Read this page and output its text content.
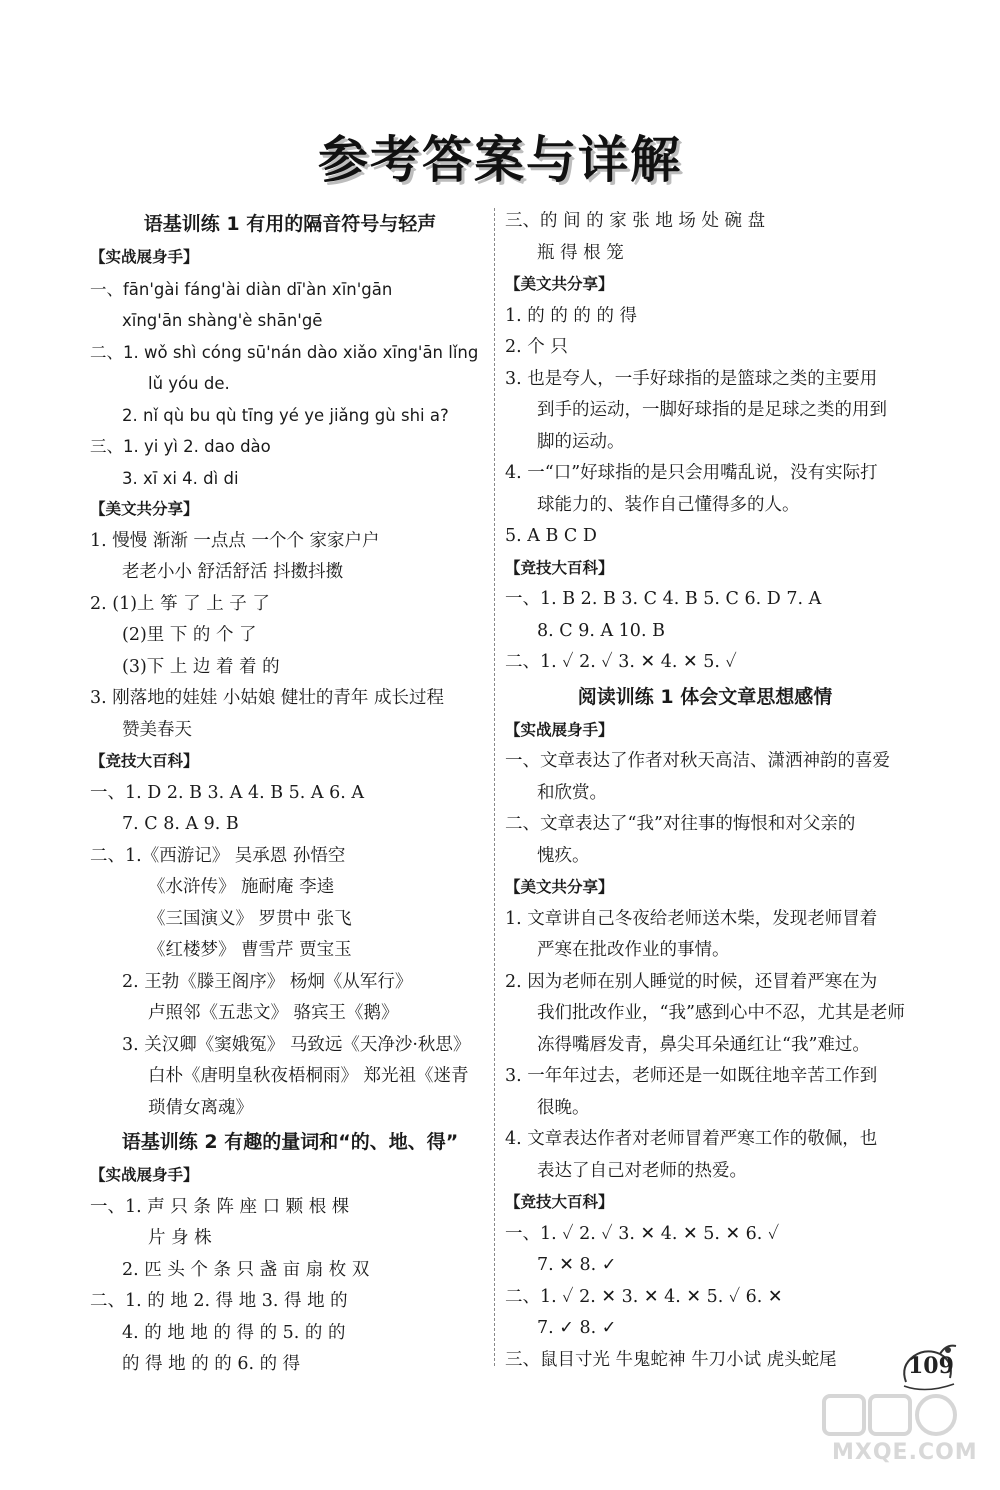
参考答案与详解
语基训练 1 有用的隔音符号与轻声
【实战展身手】
一、fān'gài fáng'ài diàn dī'àn xīn'gān
xīng'ān shàng'è shān'gē
二、1. wǒ shì cóng sū'nán dào xiǎo xīng'ān lǐng
lǔ yóu de.
2. nǐ qù bu qù tīng yé ye jiǎng gù shi a?
三、1. yi yì 2. dao dào
3. xī xi 4. dì di
【美文共分享】
1. 慢慢 渐渐 一点点 一个个 家家户户
老老小小 舒活舒活 抖擞抖擞
2. (1)上 筝 了 上 子 了
(2)里 下 的 个 了
(3)下 上 边 着 着 的
3. 刚落地的娃娃 小姑娘 健壮的青年 成长过程
赞美春天
【竞技大百科】
一、1. D 2. B 3. A 4. B 5. A 6. A
7. C 8. A 9. B
二、1.《西游记》 吴承恩 孙悟空
《水浒传》 施耐庵 李逵
《三国演义》 罗贯中 张飞
《红楼梦》 曹雪芹 贾宝玉
2. 王勃《滕王阁序》 杨炯《从军行》
卢照邻《五悲文》 骆宾王《鹅》
3. 关汉卿《窦娥冤》 马致远《天净沙·秋思》
白朴《唐明皇秋夜梧桐雨》 郑光祖《迷青
琐倩女离魂》
语基训练 2 有趣的量词和“的、地、得”
【实战展身手】
一、1. 声 只 条 阵 座 口 颗 根 棵
片 身 株
2. 匹 头 个 条 只 盏 亩 扇 枚 双
二、1. 的 地 2. 得 地 3. 得 地 的
4. 的 地 地 的 得 的 5. 的 的
的 得 地 的 的 6. 的 得
三、的 间 的 家 张 地 场 处 碗 盘
瓶 得 根 笼
【美文共分享】
1. 的 的 的 的 得
2. 个 只
3. 也是夸人，一手好球指的是篮球之类的主要用
到手的运动，一脚好球指的是足球之类的用到
脚的运动。
4. 一“口”好球指的是只会用嘴乱说，没有实际打
球能力的、装作自己懂得多的人。
5. A B C D
【竞技大百科】
一、1. B 2. B 3. C 4. B 5. C 6. D 7. A
8. C 9. A 10. B
二、1. ✓ 2. ✓ 3. ✕ 4. ✕ 5. ✓
阅读训练 1 体会文章思想感情
【实战展身手】
一、文章表达了作者对秋天高洁、潇洒神韵的喜爱
和欣赏。
二、文章表达了“我”对往事的悔恨和对父亲的
愧疚。
【美文共分享】
1. 文章讲自己冬夜给老师送木柴，发现老师冒着
严寒在批改作业的事情。
2. 因为老师在别人睡觉的时候，还冒着严寒在为
我们批改作业，“我”感到心中不忍，尤其是老师
冻得嘴唇发青，鼻尖耳朵通红让“我”难过。
3. 一年年过去，老师还是一如既往地辛苦工作到
很晚。
4. 文章表达作者对老师冒着严寒工作的敬佩，也
表达了自己对老师的热爱。
【竞技大百科】
一、1. ✓ 2. ✓ 3. ✕ 4. ✕ 5. ✕ 6. ✓
7. ✕ 8. ✓
二、1. ✓ 2. ✕ 3. ✕ 4. ✕ 5. ✓ 6. ✕
7. ✓ 8. ✓
三、鼠目寸光 牛鬼蛇神 牛刀小试 虎头蛇尾	109
MXQE.COM
